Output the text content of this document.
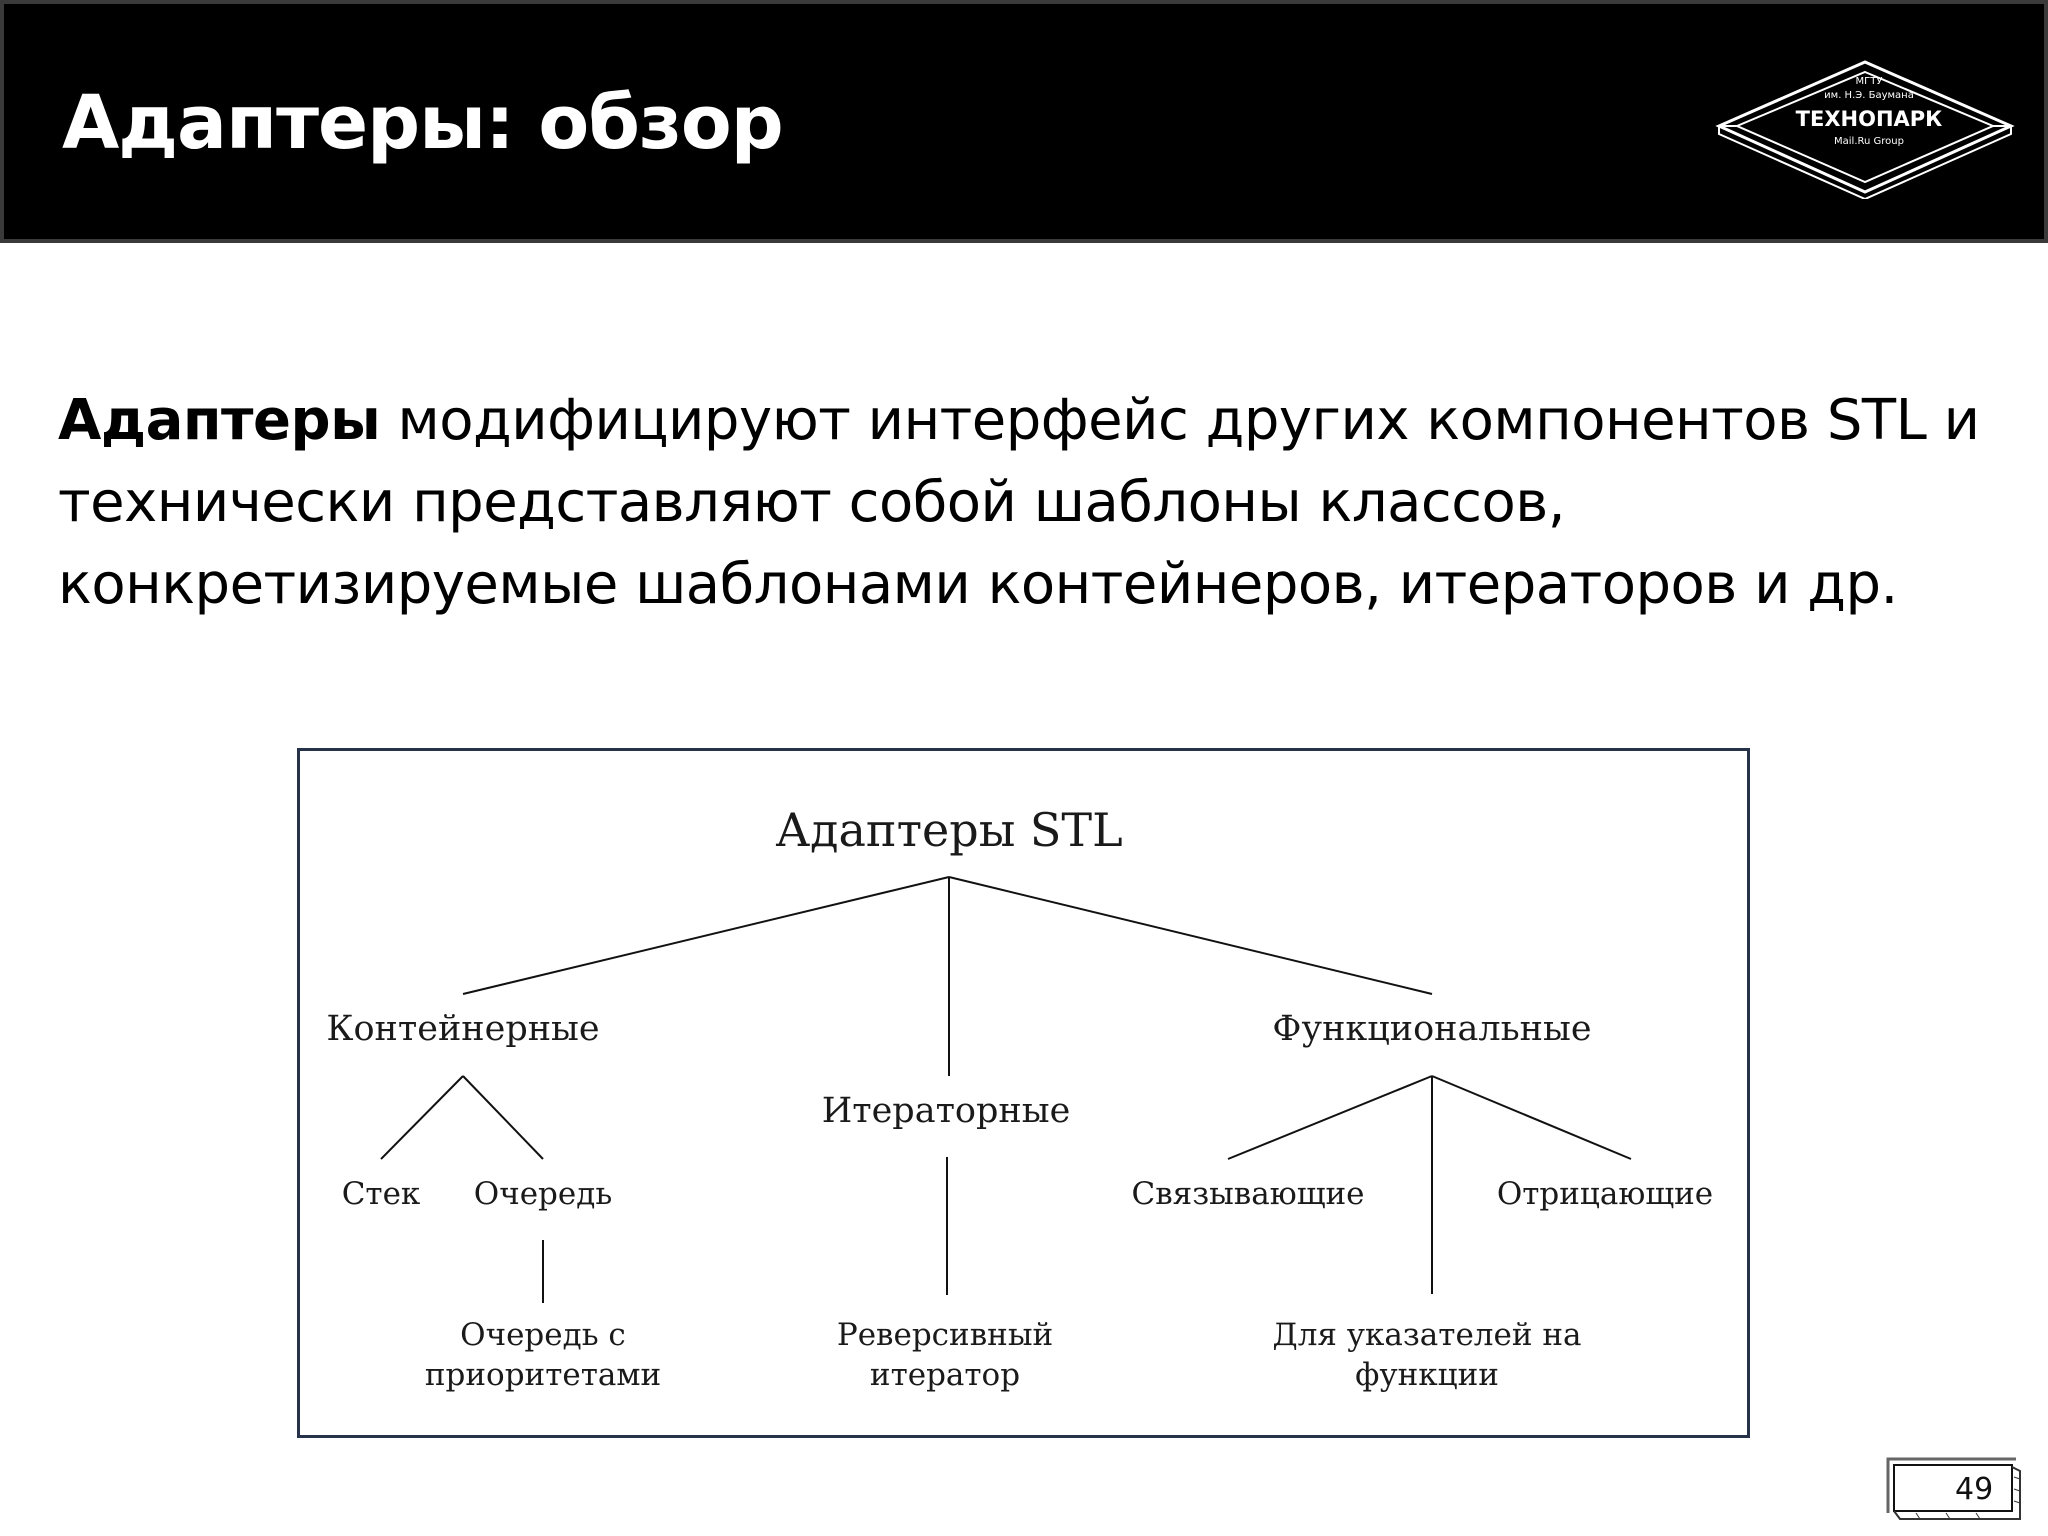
Адаптеры: обзор	МГТУ
им. Н.Э. Баумана
ТЕХНОПАРК
Mail.Ru Group

Адаптеры модифицируют интерфейс других компонентов STL и технически представляют собой шаблоны классов, конкретизируемые шаблонами контейнеров, итераторов и др.

Адаптеры STL
Контейнерные
Итераторные
Функциональные
Стек Очередь	Связывающие	Отрицающие
Очередь с
приоритетами
Реверсивный
итератор
Для указателей на
функции
49
